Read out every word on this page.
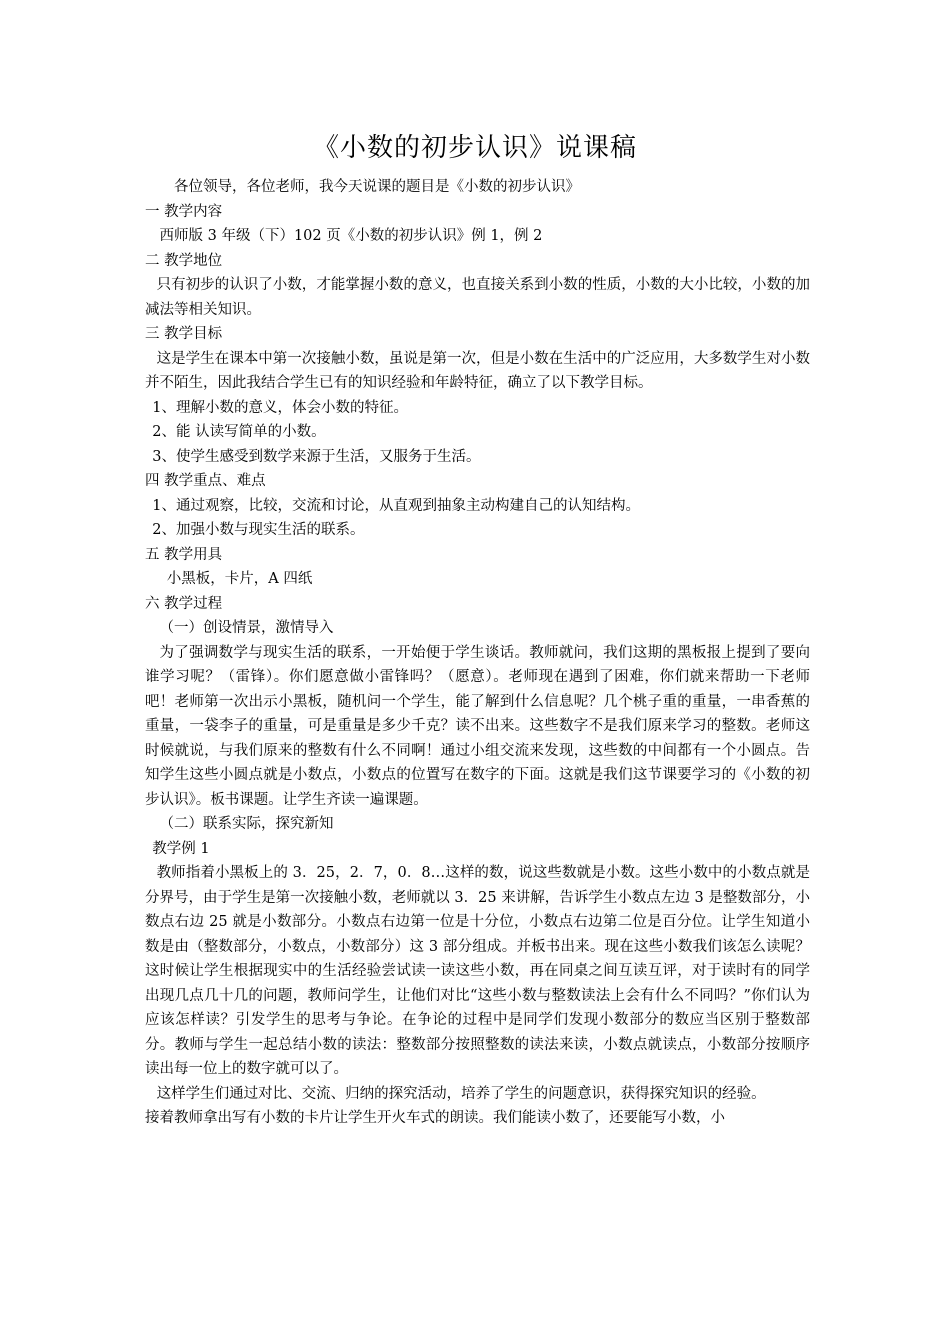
《小数的初步认识》说课稿

各位领导，各位老师，我今天说课的题目是《小数的初步认识》

一 教学内容

西师版 3 年级（下）102 页《小数的初步认识》例 1，例 2

二 教学地位

只有初步的认识了小数，才能掌握小数的意义，也直接关系到小数的性质，小数的大小比较，小数的加减法等相关知识。

三 教学目标

这是学生在课本中第一次接触小数，虽说是第一次，但是小数在生活中的广泛应用，大多数学生对小数并不陌生，因此我结合学生已有的知识经验和年龄特征，确立了以下教学目标。

1、理解小数的意义，体会小数的特征。

2、能 认读写简单的小数。

3、使学生感受到数学来源于生活，又服务于生活。

四 教学重点、难点

1、通过观察，比较，交流和讨论，从直观到抽象主动构建自己的认知结构。

2、加强小数与现实生活的联系。

五 教学用具

小黑板，卡片，A 四纸

六 教学过程

（一）创设情景，激情导入

为了强调数学与现实生活的联系，一开始便于学生谈话。教师就问，我们这期的黑板报上提到了要向谁学习呢？（雷锋）。你们愿意做小雷锋吗？（愿意）。老师现在遇到了困难，你们就来帮助一下老师吧！老师第一次出示小黑板，随机问一个学生，能了解到什么信息呢？几个桃子重的重量，一串香蕉的重量，一袋李子的重量，可是重量是多少千克？读不出来。这些数字不是我们原来学习的整数。老师这时候就说，与我们原来的整数有什么不同啊！通过小组交流来发现，这些数的中间都有一个小圆点。告知学生这些小圆点就是小数点，小数点的位置写在数字的下面。这就是我们这节课要学习的《小数的初步认识》。板书课题。让学生齐读一遍课题。

（二）联系实际，探究新知

教学例 1

教师指着小黑板上的 3．25，2．7，0．8…这样的数，说这些数就是小数。这些小数中的小数点就是分界号，由于学生是第一次接触小数，老师就以 3．25 来讲解，告诉学生小数点左边 3 是整数部分，小数点右边 25 就是小数部分。小数点右边第一位是十分位，小数点右边第二位是百分位。让学生知道小数是由（整数部分，小数点，小数部分）这 3 部分组成。并板书出来。现在这些小数我们该怎么读呢？这时候让学生根据现实中的生活经验尝试读一读这些小数，再在同桌之间互读互评，对于读时有的同学出现几点几十几的问题，教师问学生，让他们对比“这些小数与整数读法上会有什么不同吗？”你们认为应该怎样读？引发学生的思考与争论。在争论的过程中是同学们发现小数部分的数应当区别于整数部分。教师与学生一起总结小数的读法：整数部分按照整数的读法来读，小数点就读点，小数部分按顺序读出每一位上的数字就可以了。

这样学生们通过对比、交流、归纳的探究活动，培养了学生的问题意识，获得探究知识的经验。

接着教师拿出写有小数的卡片让学生开火车式的朗读。我们能读小数了，还要能写小数，小
